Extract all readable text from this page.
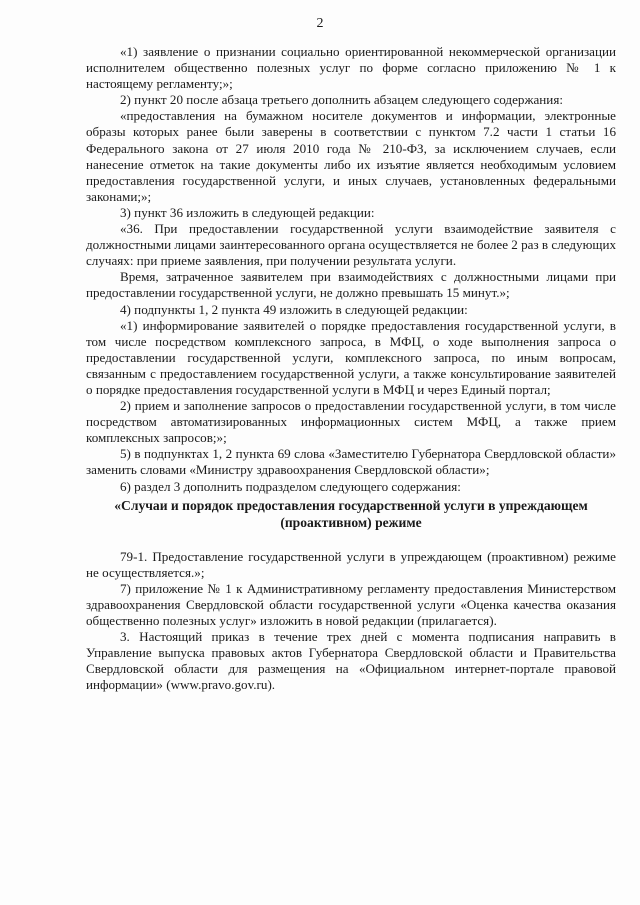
2

«1) заявление о признании социально ориентированной некоммерческой организации исполнителем общественно полезных услуг по форме согласно приложению № 1 к настоящему регламенту;»;

2) пункт 20 после абзаца третьего дополнить абзацем следующего содержания:

«предоставления на бумажном носителе документов и информации, электронные образы которых ранее были заверены в соответствии с пунктом 7.2 части 1 статьи 16 Федерального закона от 27 июля 2010 года № 210-ФЗ, за исключением случаев, если нанесение отметок на такие документы либо их изъятие является необходимым условием предоставления государственной услуги, и иных случаев, установленных федеральными законами;»;

3) пункт 36 изложить в следующей редакции:

«36. При предоставлении государственной услуги взаимодействие заявителя с должностными лицами заинтересованного органа осуществляется не более 2 раз в следующих случаях: при приеме заявления, при получении результата услуги.

Время, затраченное заявителем при взаимодействиях с должностными лицами при предоставлении государственной услуги, не должно превышать 15 минут.»;

4) подпункты 1, 2 пункта 49 изложить в следующей редакции:

«1) информирование заявителей о порядке предоставления государственной услуги, в том числе посредством комплексного запроса, в МФЦ, о ходе выполнения запроса о предоставлении государственной услуги, комплексного запроса, по иным вопросам, связанным с предоставлением государственной услуги, а также консультирование заявителей о порядке предоставления государственной услуги в МФЦ и через Единый портал;

2) прием и заполнение запросов о предоставлении государственной услуги, в том числе посредством автоматизированных информационных систем МФЦ, а также прием комплексных запросов;»;

5) в подпунктах 1, 2 пункта 69 слова «Заместителю Губернатора Свердловской области» заменить словами «Министру здравоохранения Свердловской области»;

6) раздел 3 дополнить подразделом следующего содержания:

«Случаи и порядок предоставления государственной услуги в упреждающем (проактивном) режиме

79-1. Предоставление государственной услуги в упреждающем (проактивном) режиме не осуществляется.»;

7) приложение № 1 к Административному регламенту предоставления Министерством здравоохранения Свердловской области государственной услуги «Оценка качества оказания общественно полезных услуг» изложить в новой редакции (прилагается).

3. Настоящий приказ в течение трех дней с момента подписания направить в Управление выпуска правовых актов Губернатора Свердловской области и Правительства Свердловской области для размещения на «Официальном интернет-портале правовой информации» (www.pravo.gov.ru).
